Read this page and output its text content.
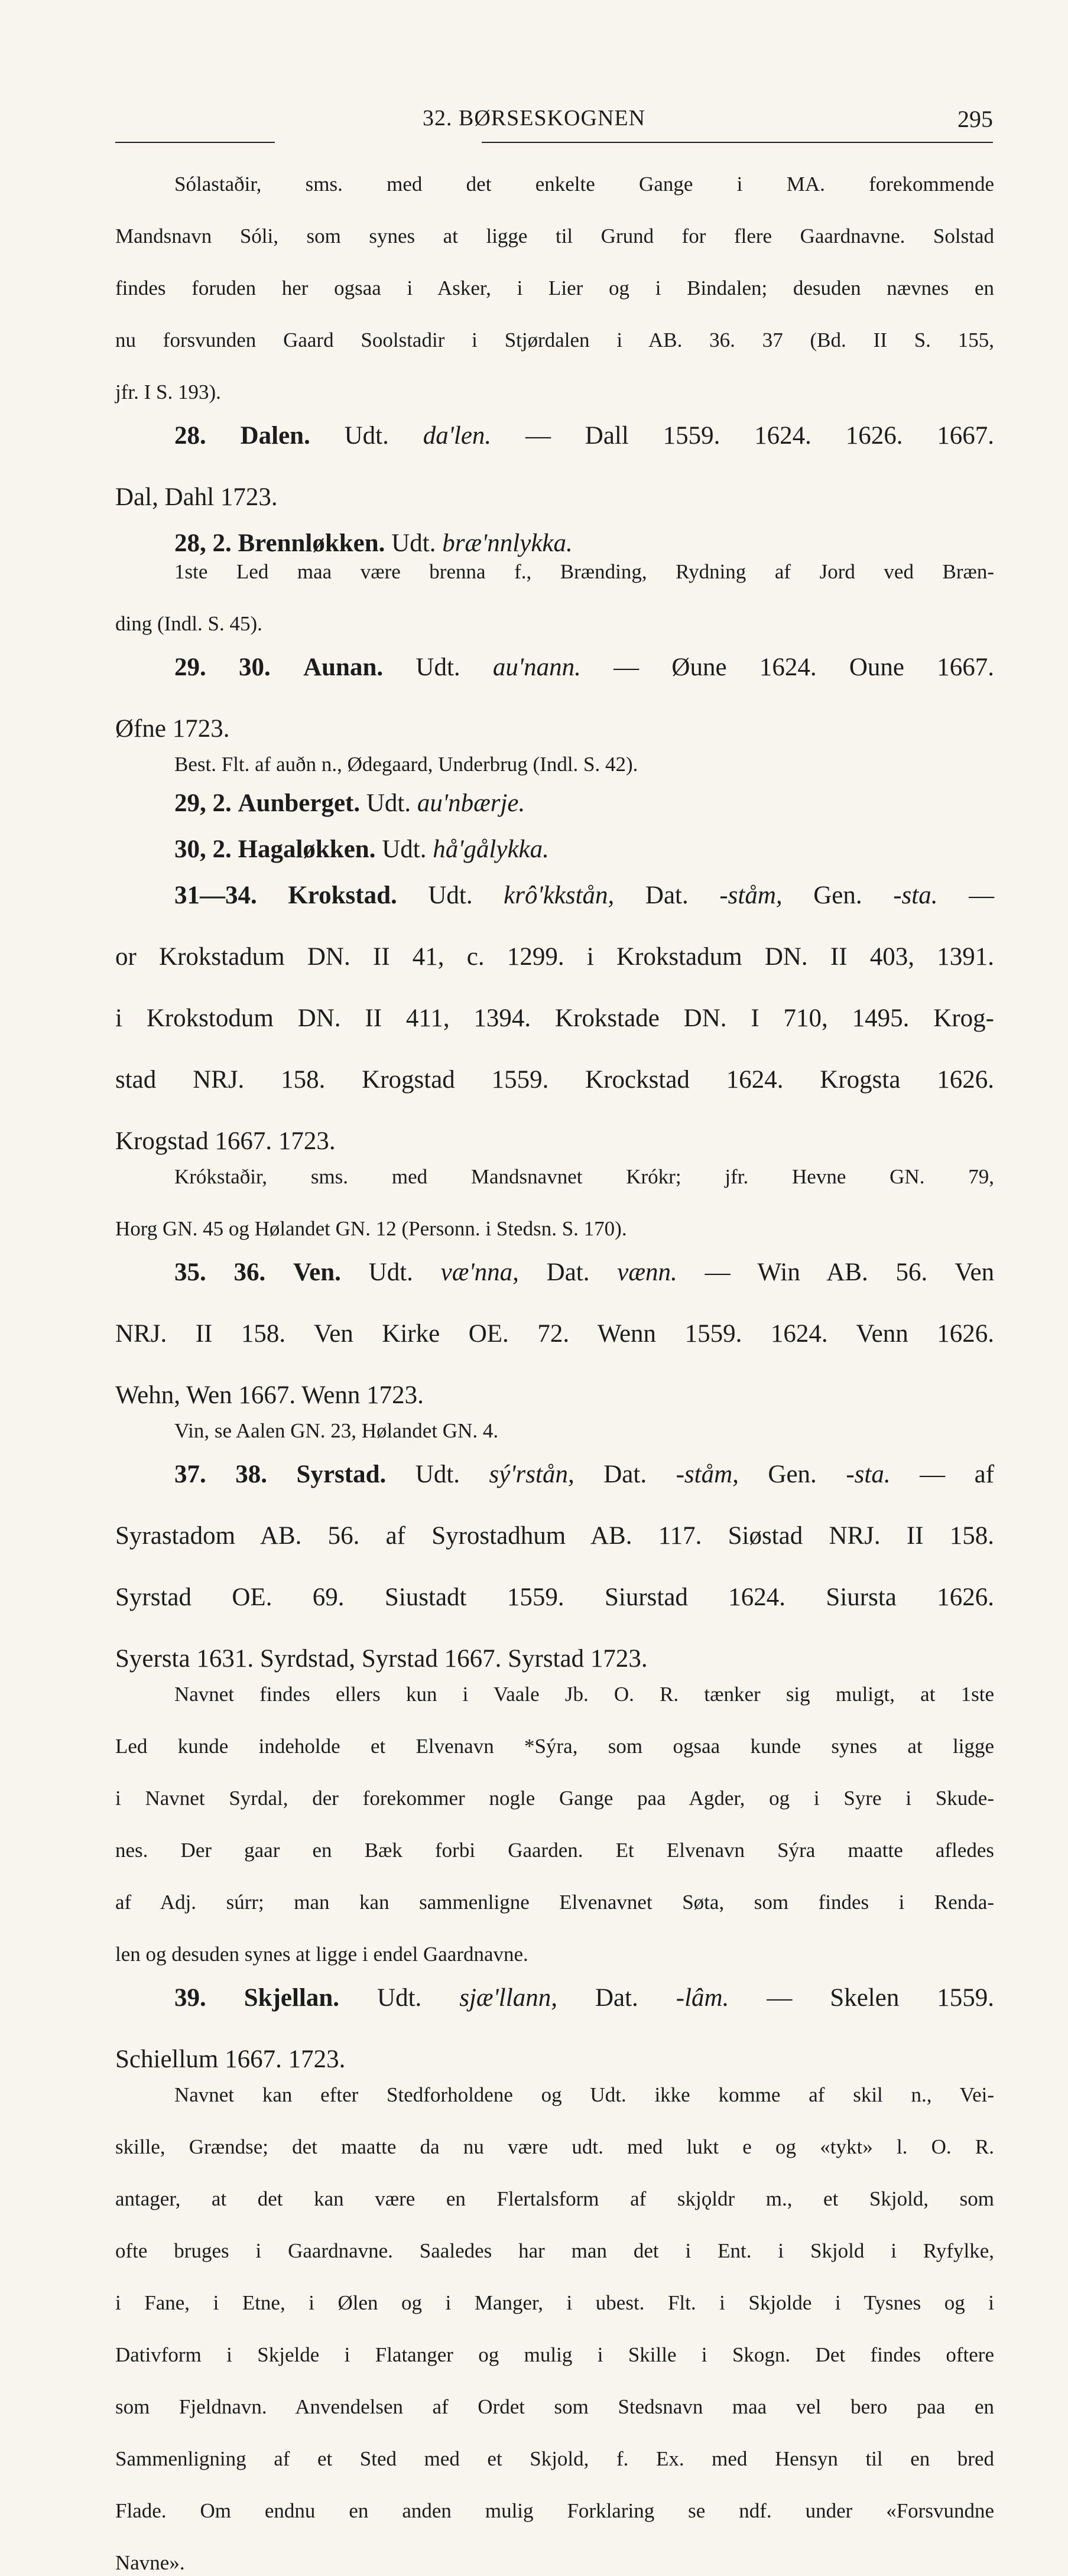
32. BØRSESKOGNEN	295

Sólastaðir, sms. med det enkelte Gange i MA. forekommende

Mandsnavn Sóli, som synes at ligge til Grund for flere Gaardnavne. Solstad

findes foruden her ogsaa i Asker, i Lier og i Bindalen; desuden nævnes en

nu forsvunden Gaard Soolstadir i Stjørdalen i AB. 36. 37 (Bd. II S. 155,

jfr. I S. 193).

28. Dalen. Udt. da'len. — Dall 1559. 1624. 1626. 1667.

Dal, Dahl 1723.

28, 2. Brennløkken. Udt. bræ'nnlykka.

1ste Led maa være brenna f., Brænding, Rydning af Jord ved Bræn-

ding (Indl. S. 45).

29. 30. Aunan. Udt. au'nann. — Øune 1624. Oune 1667.

Øfne 1723.

Best. Flt. af auðn n., Ødegaard, Underbrug (Indl. S. 42).

29, 2. Aunberget. Udt. au'nbærje.

30, 2. Hagaløkken. Udt. hå'gålykka.

31—34. Krokstad. Udt. krô'kkstån, Dat. -ståm, Gen. -sta. —

or Krokstadum DN. II 41, c. 1299. i Krokstadum DN. II 403, 1391.

i Krokstodum DN. II 411, 1394. Krokstade DN. I 710, 1495. Krog-

stad NRJ. 158. Krogstad 1559. Krockstad 1624. Krogsta 1626.

Krogstad 1667. 1723.

Krókstaðir, sms. med Mandsnavnet Krókr; jfr. Hevne GN. 79,

Horg GN. 45 og Hølandet GN. 12 (Personn. i Stedsn. S. 170).

35. 36. Ven. Udt. væ'nna, Dat. vænn. — Win AB. 56. Ven

NRJ. II 158. Ven Kirke OE. 72. Wenn 1559. 1624. Venn 1626.

Wehn, Wen 1667. Wenn 1723.

Vin, se Aalen GN. 23, Hølandet GN. 4.

37. 38. Syrstad. Udt. sý'rstån, Dat. -ståm, Gen. -sta. — af

Syrastadom AB. 56. af Syrostadhum AB. 117. Siøstad NRJ. II 158.

Syrstad OE. 69. Siustadt 1559. Siurstad 1624. Siursta 1626.

Syersta 1631. Syrdstad, Syrstad 1667. Syrstad 1723.

Navnet findes ellers kun i Vaale Jb. O. R. tænker sig muligt, at 1ste

Led kunde indeholde et Elvenavn *Sýra, som ogsaa kunde synes at ligge

i Navnet Syrdal, der forekommer nogle Gange paa Agder, og i Syre i Skude-

nes. Der gaar en Bæk forbi Gaarden. Et Elvenavn Sýra maatte afledes

af Adj. súrr; man kan sammenligne Elvenavnet Søta, som findes i Renda-

len og desuden synes at ligge i endel Gaardnavne.

39. Skjellan. Udt. sjæ'llann, Dat. -lâm. — Skelen 1559.

Schiellum 1667. 1723.

Navnet kan efter Stedforholdene og Udt. ikke komme af skil n., Vei-

skille, Grændse; det maatte da nu være udt. med lukt e og «tykt» l. O. R.

antager, at det kan være en Flertalsform af skjǫldr m., et Skjold, som

ofte bruges i Gaardnavne. Saaledes har man det i Ent. i Skjold i Ryfylke,

i Fane, i Etne, i Ølen og i Manger, i ubest. Flt. i Skjolde i Tysnes og i

Dativform i Skjelde i Flatanger og mulig i Skille i Skogn. Det findes oftere

som Fjeldnavn. Anvendelsen af Ordet som Stedsnavn maa vel bero paa en

Sammenligning af et Sted med et Skjold, f. Ex. med Hensyn til en bred

Flade. Om endnu en anden mulig Forklaring se ndf. under «Forsvundne

Navne».
